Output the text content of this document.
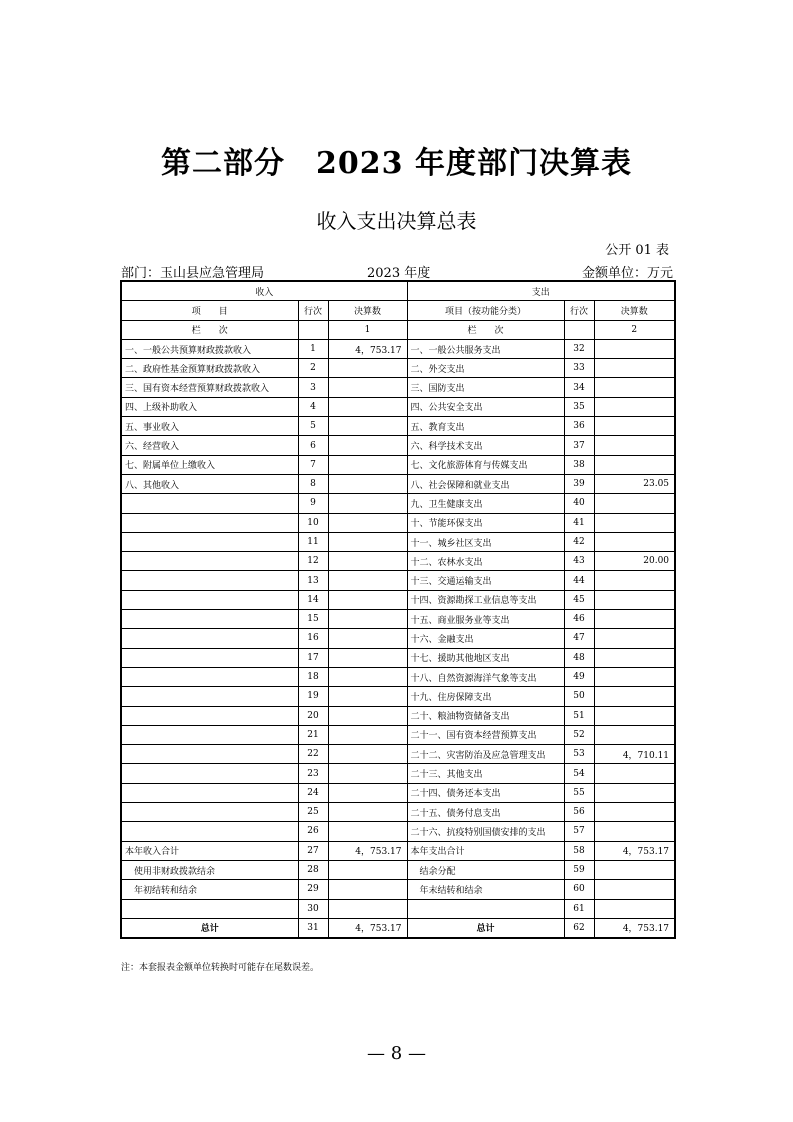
第二部分　2023 年度部门决算表
收入支出决算总表
公开 01 表
部门：玉山县应急管理局	2023 年度	金额单位：万元
收入			支出		
项　　目	行次	决算数	项目（按功能分类）	行次	决算数
栏　　次		1	栏　　次		2
一、一般公共预算财政拨款收入	1	4，753.17	一、一般公共服务支出	32	
二、政府性基金预算财政拨款收入	2		二、外交支出	33	
三、国有资本经营预算财政拨款收入	3		三、国防支出	34	
四、上级补助收入	4		四、公共安全支出	35	
五、事业收入	5		五、教育支出	36	
六、经营收入	6		六、科学技术支出	37	
七、附属单位上缴收入	7		七、文化旅游体育与传媒支出	38	
八、其他收入	8		八、社会保障和就业支出	39	23.05
	9		九、卫生健康支出	40	
	10		十、节能环保支出	41	
	11		十一、城乡社区支出	42	
	12		十二、农林水支出	43	20.00
	13		十三、交通运输支出	44	
	14		十四、资源勘探工业信息等支出	45	
	15		十五、商业服务业等支出	46	
	16		十六、金融支出	47	
	17		十七、援助其他地区支出	48	
	18		十八、自然资源海洋气象等支出	49	
	19		十九、住房保障支出	50	
	20		二十、粮油物资储备支出	51	
	21		二十一、国有资本经营预算支出	52	
	22		二十二、灾害防治及应急管理支出	53	4，710.11
	23		二十三、其他支出	54	
	24		二十四、债务还本支出	55	
	25		二十五、债务付息支出	56	
	26		二十六、抗疫特别国债安排的支出	57	
本年收入合计	27	4，753.17	本年支出合计	58	4，753.17
使用非财政拨款结余	28		结余分配	59	
年初结转和结余	29		年末结转和结余	60	
	30			61	
总计	31	4，753.17	总计	62	4，753.17
注：本套报表金额单位转换时可能存在尾数误差。
— 8 —
